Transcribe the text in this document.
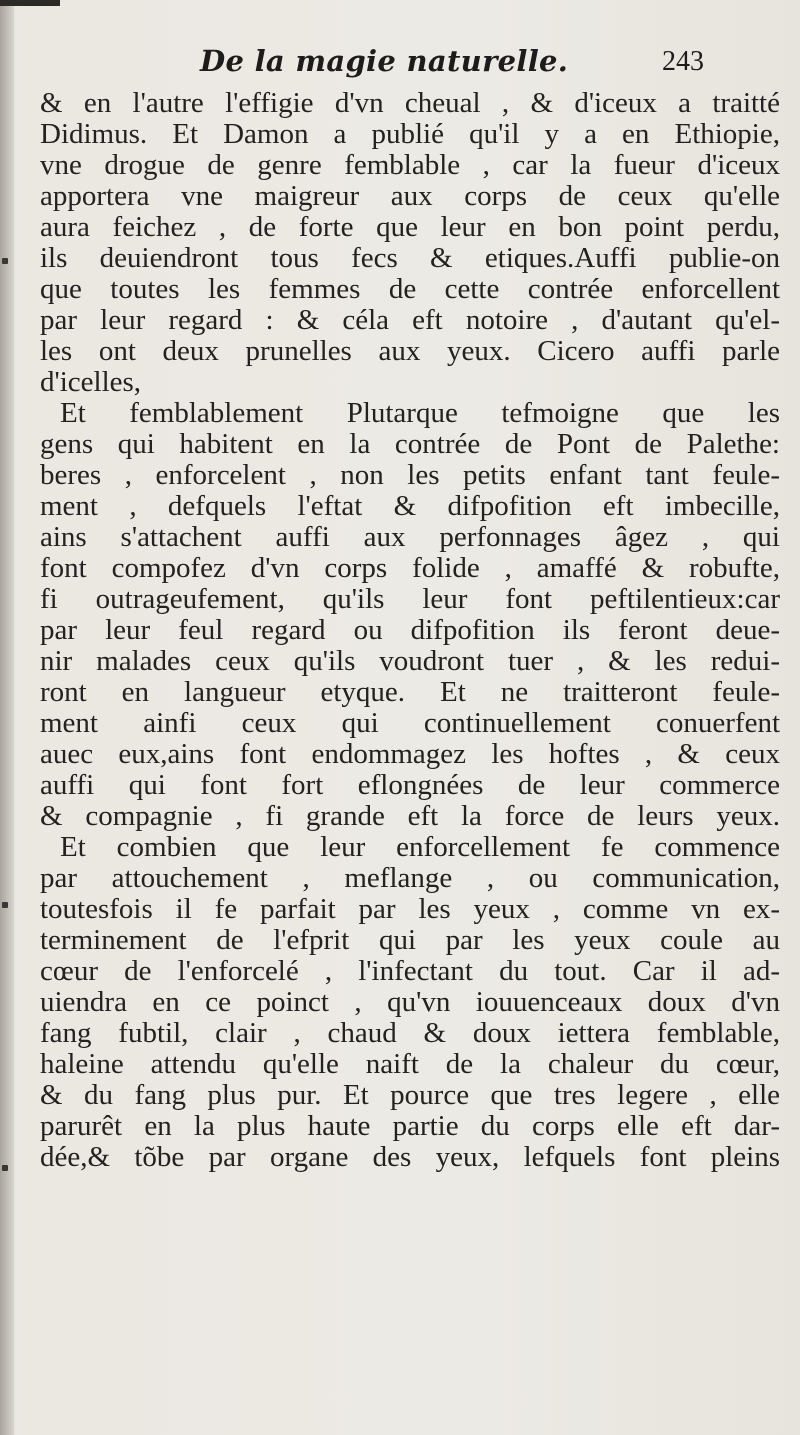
De la magie naturelle.	243
& en l'autre l'effigie d'vn cheual , & d'iceux a traitté
Didimus. Et Damon a publié qu'il y a en Ethiopie,
vne drogue de genre femblable , car la fueur d'iceux
apportera vne maigreur aux corps de ceux qu'elle
aura feichez , de forte que leur en bon point perdu,
ils deuiendront tous fecs & etiques.Auffi publie-on
que toutes les femmes de cette contrée enforcellent
par leur regard : & céla eft notoire , d'autant qu'el-
les ont deux prunelles aux yeux. Cicero auffi parle
d'icelles,
Et femblablement Plutarque tefmoigne que les
gens qui habitent en la contrée de Pont de Palethe:
beres , enforcelent , non les petits enfant tant feule-
ment , defquels l'eftat & difpofition eft imbecille,
ains s'attachent auffi aux perfonnages âgez , qui
font compofez d'vn corps folide , amaffé & robufte,
fi outrageufement, qu'ils leur font peftilentieux:car
par leur feul regard ou difpofition ils feront deue-
nir malades ceux qu'ils voudront tuer , & les redui-
ront en langueur etyque. Et ne traitteront feule-
ment ainfi ceux qui continuellement conuerfent
auec eux,ains font endommagez les hoftes , & ceux
auffi qui font fort eflongnées de leur commerce
& compagnie , fi grande eft la force de leurs yeux.
Et combien que leur enforcellement fe commence
par attouchement , meflange , ou communication,
toutesfois il fe parfait par les yeux , comme vn ex-
terminement de l'efprit qui par les yeux coule au
cœur de l'enforcelé , l'infectant du tout. Car il ad-
uiendra en ce poinct , qu'vn iouuenceaux doux d'vn
fang fubtil, clair , chaud & doux iettera femblable,
haleine attendu qu'elle naift de la chaleur du cœur,
& du fang plus pur. Et pource que tres legere , elle
parurêt en la plus haute partie du corps elle eft dar-
dée,& tõbe par organe des yeux, lefquels font pleins
